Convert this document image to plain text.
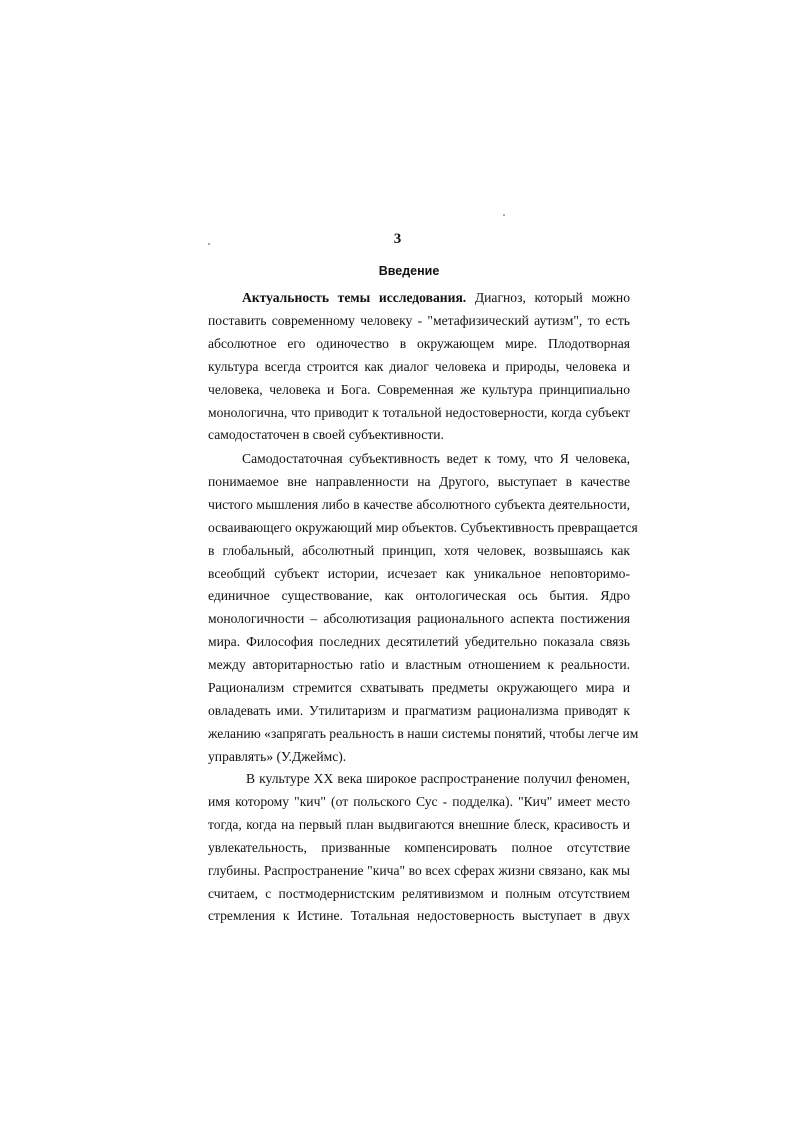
3
Введение
Актуальность темы исследования. Диагноз, который можно
поставить современному человеку - "метафизический аутизм", то есть
абсолютное его одиночество в окружающем мире. Плодотворная
культура всегда строится как диалог человека и природы, человека и
человека, человека и Бога. Современная же культура принципиально
монологична, что приводит к тотальной недостоверности, когда субъект
самодостаточен в своей субъективности.
Самодостаточная субъективность ведет к тому, что Я человека,
понимаемое вне направленности на Другого, выступает в качестве
чистого мышления либо в качестве абсолютного субъекта деятельности,
осваивающего окружающий мир объектов. Субъективность превращается
в глобальный, абсолютный принцип, хотя человек, возвышаясь как
всеобщий субъект истории, исчезает как уникальное неповторимо-
единичное существование, как онтологическая ось бытия. Ядро
монологичности – абсолютизация рационального аспекта постижения
мира. Философия последних десятилетий убедительно показала связь
между авторитарностью ratio и властным отношением к реальности.
Рационализм стремится схватывать предметы окружающего мира и
овладевать ими. Утилитаризм и прагматизм рационализма приводят к
желанию «запрягать реальность в наши системы понятий, чтобы легче им
управлять» (У.Джеймс).
В культуре XX века широкое распространение получил феномен,
имя которому "кич" (от польского Сус - подделка). "Кич" имеет место
тогда, когда на первый план выдвигаются внешние блеск, красивость и
увлекательность, призванные компенсировать полное отсутствие
глубины. Распространение "кича" во всех сферах жизни связано, как мы
считаем, с постмодернистским релятивизмом и полным отсутствием
стремления к Истине. Тотальная недостоверность выступает в двух
